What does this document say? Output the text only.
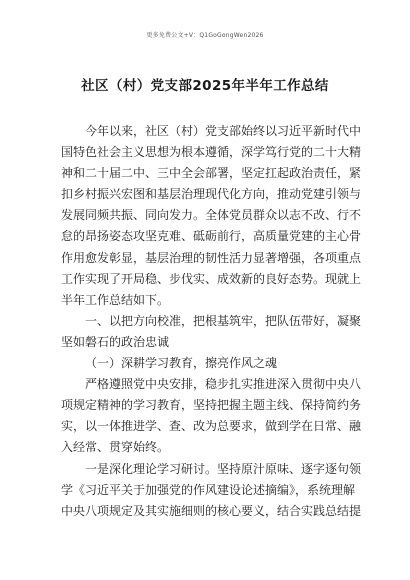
更多免费公文+V：Q1GoGongWen2026
社区（村）党支部2025年半年工作总结
今年以来，社区（村）党支部始终以习近平新时代中
国特色社会主义思想为根本遵循，深学笃行党的二十大精
神和二十届二中、三中全会部署，坚定扛起政治责任，紧
扣乡村振兴宏图和基层治理现代化方向，推动党建引领与
发展同频共振、同向发力。全体党员群众以志不改、行不
怠的昂扬姿态攻坚克难、砥砺前行，高质量党建的主心骨
作用愈发彰显，基层治理的韧性活力显著增强，各项重点
工作实现了开局稳、步伐实、成效新的良好态势。现就上
半年工作总结如下。
一、以把方向校准，把根基筑牢，把队伍带好，凝聚
坚如磐石的政治忠诚
（一）深耕学习教育，擦亮作风之魂
严格遵照党中央安排，稳步扎实推进深入贯彻中央八
项规定精神的学习教育，坚持把握主题主线、保持简约务
实，以一体推进学、查、改为总要求，做到学在日常、融
入经常、贯穿始终。
一是深化理论学习研讨。坚持原汁原味、逐字逐句领
学《习近平关于加强党的作风建设论述摘编》，系统理解
中央八项规定及其实施细则的核心要义，结合实践总结提
